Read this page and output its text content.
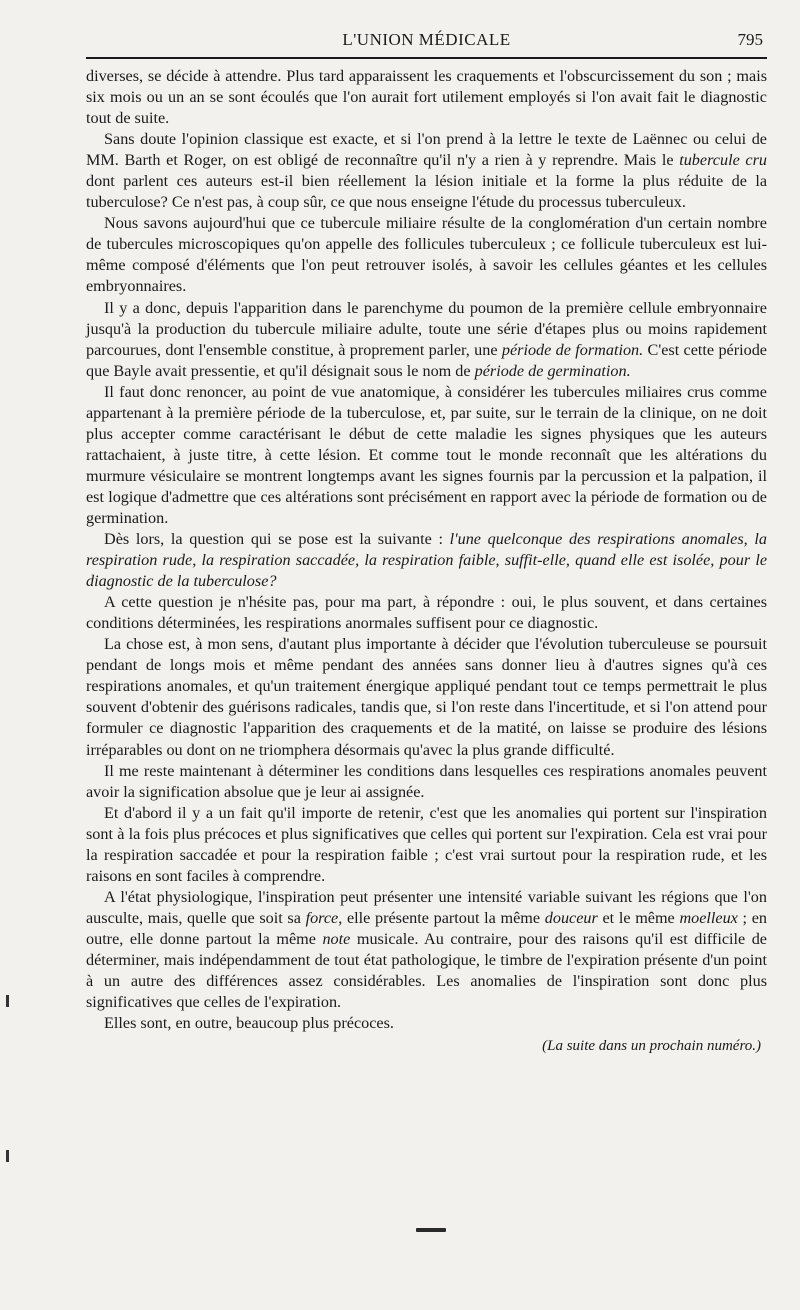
L'UNION MÉDICALE	795

diverses, se décide à attendre. Plus tard apparaissent les craquements et l'obscurcissement du son ; mais six mois ou un an se sont écoulés que l'on aurait fort utilement employés si l'on avait fait le diagnostic tout de suite.

Sans doute l'opinion classique est exacte, et si l'on prend à la lettre le texte de Laënnec ou celui de MM. Barth et Roger, on est obligé de reconnaître qu'il n'y a rien à y reprendre. Mais le tubercule cru dont parlent ces auteurs est-il bien réellement la lésion initiale et la forme la plus réduite de la tuberculose? Ce n'est pas, à coup sûr, ce que nous enseigne l'étude du processus tuberculeux.

Nous savons aujourd'hui que ce tubercule miliaire résulte de la conglomération d'un certain nombre de tubercules microscopiques qu'on appelle des follicules tuberculeux ; ce follicule tuberculeux est lui-même composé d'éléments que l'on peut retrouver isolés, à savoir les cellules géantes et les cellules embryonnaires.

Il y a donc, depuis l'apparition dans le parenchyme du poumon de la première cellule embryonnaire jusqu'à la production du tubercule miliaire adulte, toute une série d'étapes plus ou moins rapidement parcourues, dont l'ensemble constitue, à proprement parler, une période de formation. C'est cette période que Bayle avait pressentie, et qu'il désignait sous le nom de période de germination.

Il faut donc renoncer, au point de vue anatomique, à considérer les tubercules miliaires crus comme appartenant à la première période de la tuberculose, et, par suite, sur le terrain de la clinique, on ne doit plus accepter comme caractérisant le début de cette maladie les signes physiques que les auteurs rattachaient, à juste titre, à cette lésion. Et comme tout le monde reconnaît que les altérations du murmure vésiculaire se montrent longtemps avant les signes fournis par la percussion et la palpation, il est logique d'admettre que ces altérations sont précisément en rapport avec la période de formation ou de germination.

Dès lors, la question qui se pose est la suivante : l'une quelconque des respirations anomales, la respiration rude, la respiration saccadée, la respiration faible, suffit-elle, quand elle est isolée, pour le diagnostic de la tuberculose?

A cette question je n'hésite pas, pour ma part, à répondre : oui, le plus souvent, et dans certaines conditions déterminées, les respirations anormales suffisent pour ce diagnostic.

La chose est, à mon sens, d'autant plus importante à décider que l'évolution tuberculeuse se poursuit pendant de longs mois et même pendant des années sans donner lieu à d'autres signes qu'à ces respirations anomales, et qu'un traitement énergique appliqué pendant tout ce temps permettrait le plus souvent d'obtenir des guérisons radicales, tandis que, si l'on reste dans l'incertitude, et si l'on attend pour formuler ce diagnostic l'apparition des craquements et de la matité, on laisse se produire des lésions irréparables ou dont on ne triomphera désormais qu'avec la plus grande difficulté.

Il me reste maintenant à déterminer les conditions dans lesquelles ces respirations anomales peuvent avoir la signification absolue que je leur ai assignée.

Et d'abord il y a un fait qu'il importe de retenir, c'est que les anomalies qui portent sur l'inspiration sont à la fois plus précoces et plus significatives que celles qui portent sur l'expiration. Cela est vrai pour la respiration saccadée et pour la respiration faible ; c'est vrai surtout pour la respiration rude, et les raisons en sont faciles à comprendre.

A l'état physiologique, l'inspiration peut présenter une intensité variable suivant les régions que l'on ausculte, mais, quelle que soit sa force, elle présente partout la même douceur et le même moelleux ; en outre, elle donne partout la même note musicale. Au contraire, pour des raisons qu'il est difficile de déterminer, mais indépendamment de tout état pathologique, le timbre de l'expiration présente d'un point à un autre des différences assez considérables. Les anomalies de l'inspiration sont donc plus significatives que celles de l'expiration.

Elles sont, en outre, beaucoup plus précoces.

(La suite dans un prochain numéro.)
